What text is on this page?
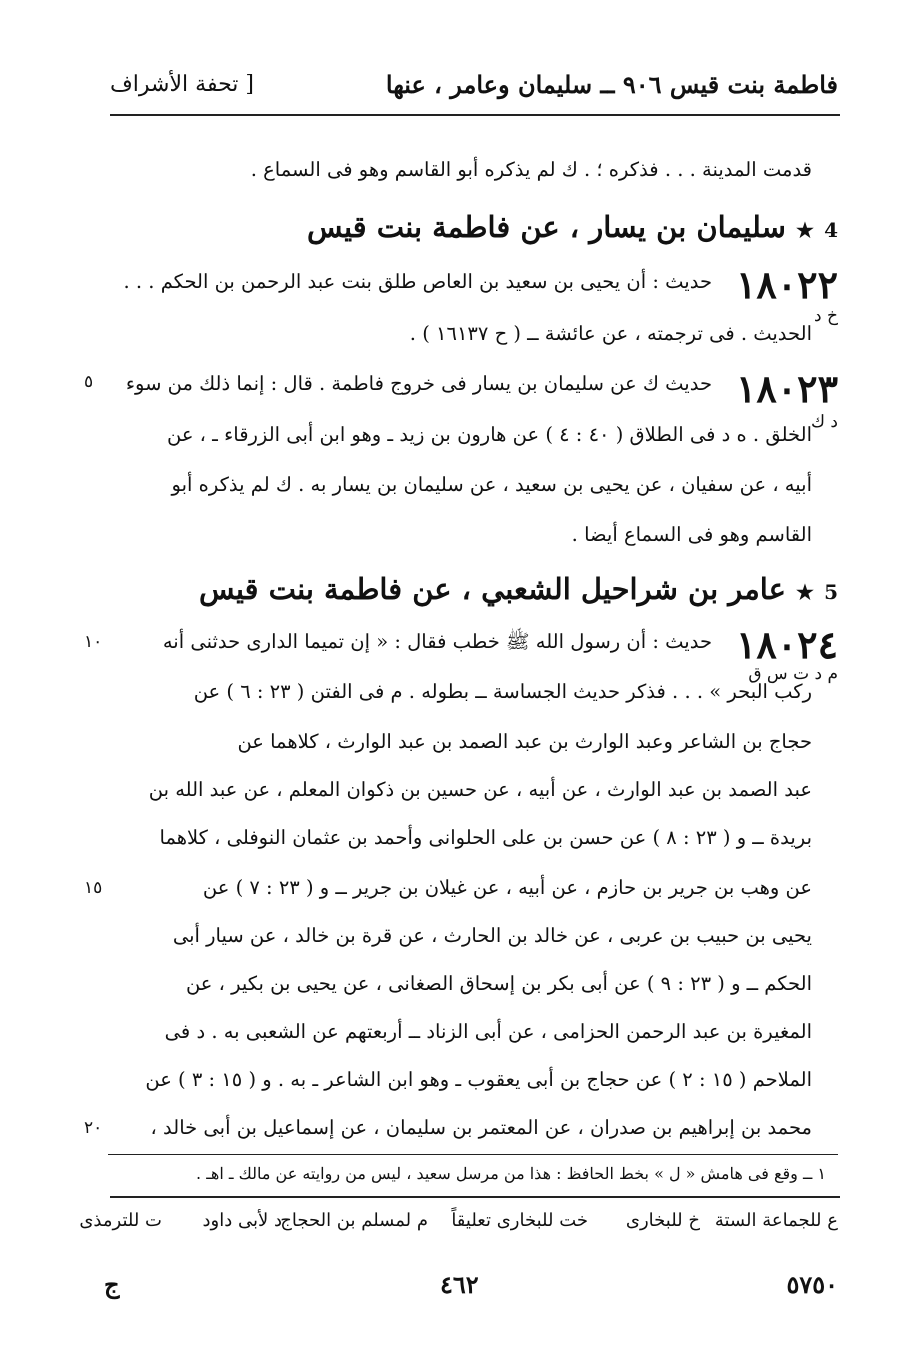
فاطمة بنت قيس ٩٠٦ ــ سليمان وعامر ، عنها
[ تحفة الأشراف
قدمت المدينة . . . فذكره ؛ . ك لم يذكره أبو القاسم وهو فى السماع .
4 ★ سليمان بن يسار ، عن فاطمة بنت قيس
١٨٠٢٢
حديث : أن يحيى بن سعيد بن العاص طلق بنت عبد الرحمن بن الحكم . . .
خ د
الحديث . فى ترجمته ، عن عائشة ــ ( ح ١٦١٣٧ ) .
١٨٠٢٣
حديث ك عن سليمان بن يسار فى خروج فاطمة . قال : إنما ذلك من سوء
٥
د ك
الخلق . ه د فى الطلاق ( ٤٠ : ٤ ) عن هارون بن زيد ـ وهو ابن أبى الزرقاء ـ ، عن
أبيه ، عن سفيان ، عن يحيى بن سعيد ، عن سليمان بن يسار به . ك لم يذكره أبو
القاسم وهو فى السماع أيضا .
5 ★ عامر بن شراحيل الشعبي ، عن فاطمة بنت قيس
١٨٠٢٤
حديث : أن رسول الله ﷺ خطب فقال : « إن تميما الدارى حدثنى أنه
١٠
م د ت س ق
ركب البحر » . . . فذكر حديث الجساسة ــ بطوله . م فى الفتن ( ٢٣ : ٦ ) عن
حجاج بن الشاعر وعبد الوارث بن عبد الصمد بن عبد الوارث ، كلاهما عن
عبد الصمد بن عبد الوارث ، عن أبيه ، عن حسين بن ذكوان المعلم ، عن عبد الله بن
بريدة ــ و ( ٢٣ : ٨ ) عن حسن بن على الحلوانى وأحمد بن عثمان النوفلى ، كلاهما
عن وهب بن جرير بن حازم ، عن أبيه ، عن غيلان بن جرير ــ و ( ٢٣ : ٧ ) عن
١٥
يحيى بن حبيب بن عربى ، عن خالد بن الحارث ، عن قرة بن خالد ، عن سيار أبى
الحكم ــ و ( ٢٣ : ٩ ) عن أبى بكر بن إسحاق الصغانى ، عن يحيى بن بكير ، عن
المغيرة بن عبد الرحمن الحزامى ، عن أبى الزناد ــ أربعتهم عن الشعبى به . د فى
الملاحم ( ١٥ : ٢ ) عن حجاج بن أبى يعقوب ـ وهو ابن الشاعر ـ به . و ( ١٥ : ٣ ) عن
محمد بن إبراهيم بن صدران ، عن المعتمر بن سليمان ، عن إسماعيل بن أبى خالد ،
٢٠
١ ــ وقع فى هامش « ل » بخط الحافظ : هذا من مرسل سعيد ، ليس من روايته عن مالك ـ اهـ .
ع للجماعة الستة
خ للبخارى
خت للبخارى تعليقاً
م لمسلم بن الحجاج
د لأبى داود
ت للترمذى
٥٧٥٠
٤٦٢
ج
